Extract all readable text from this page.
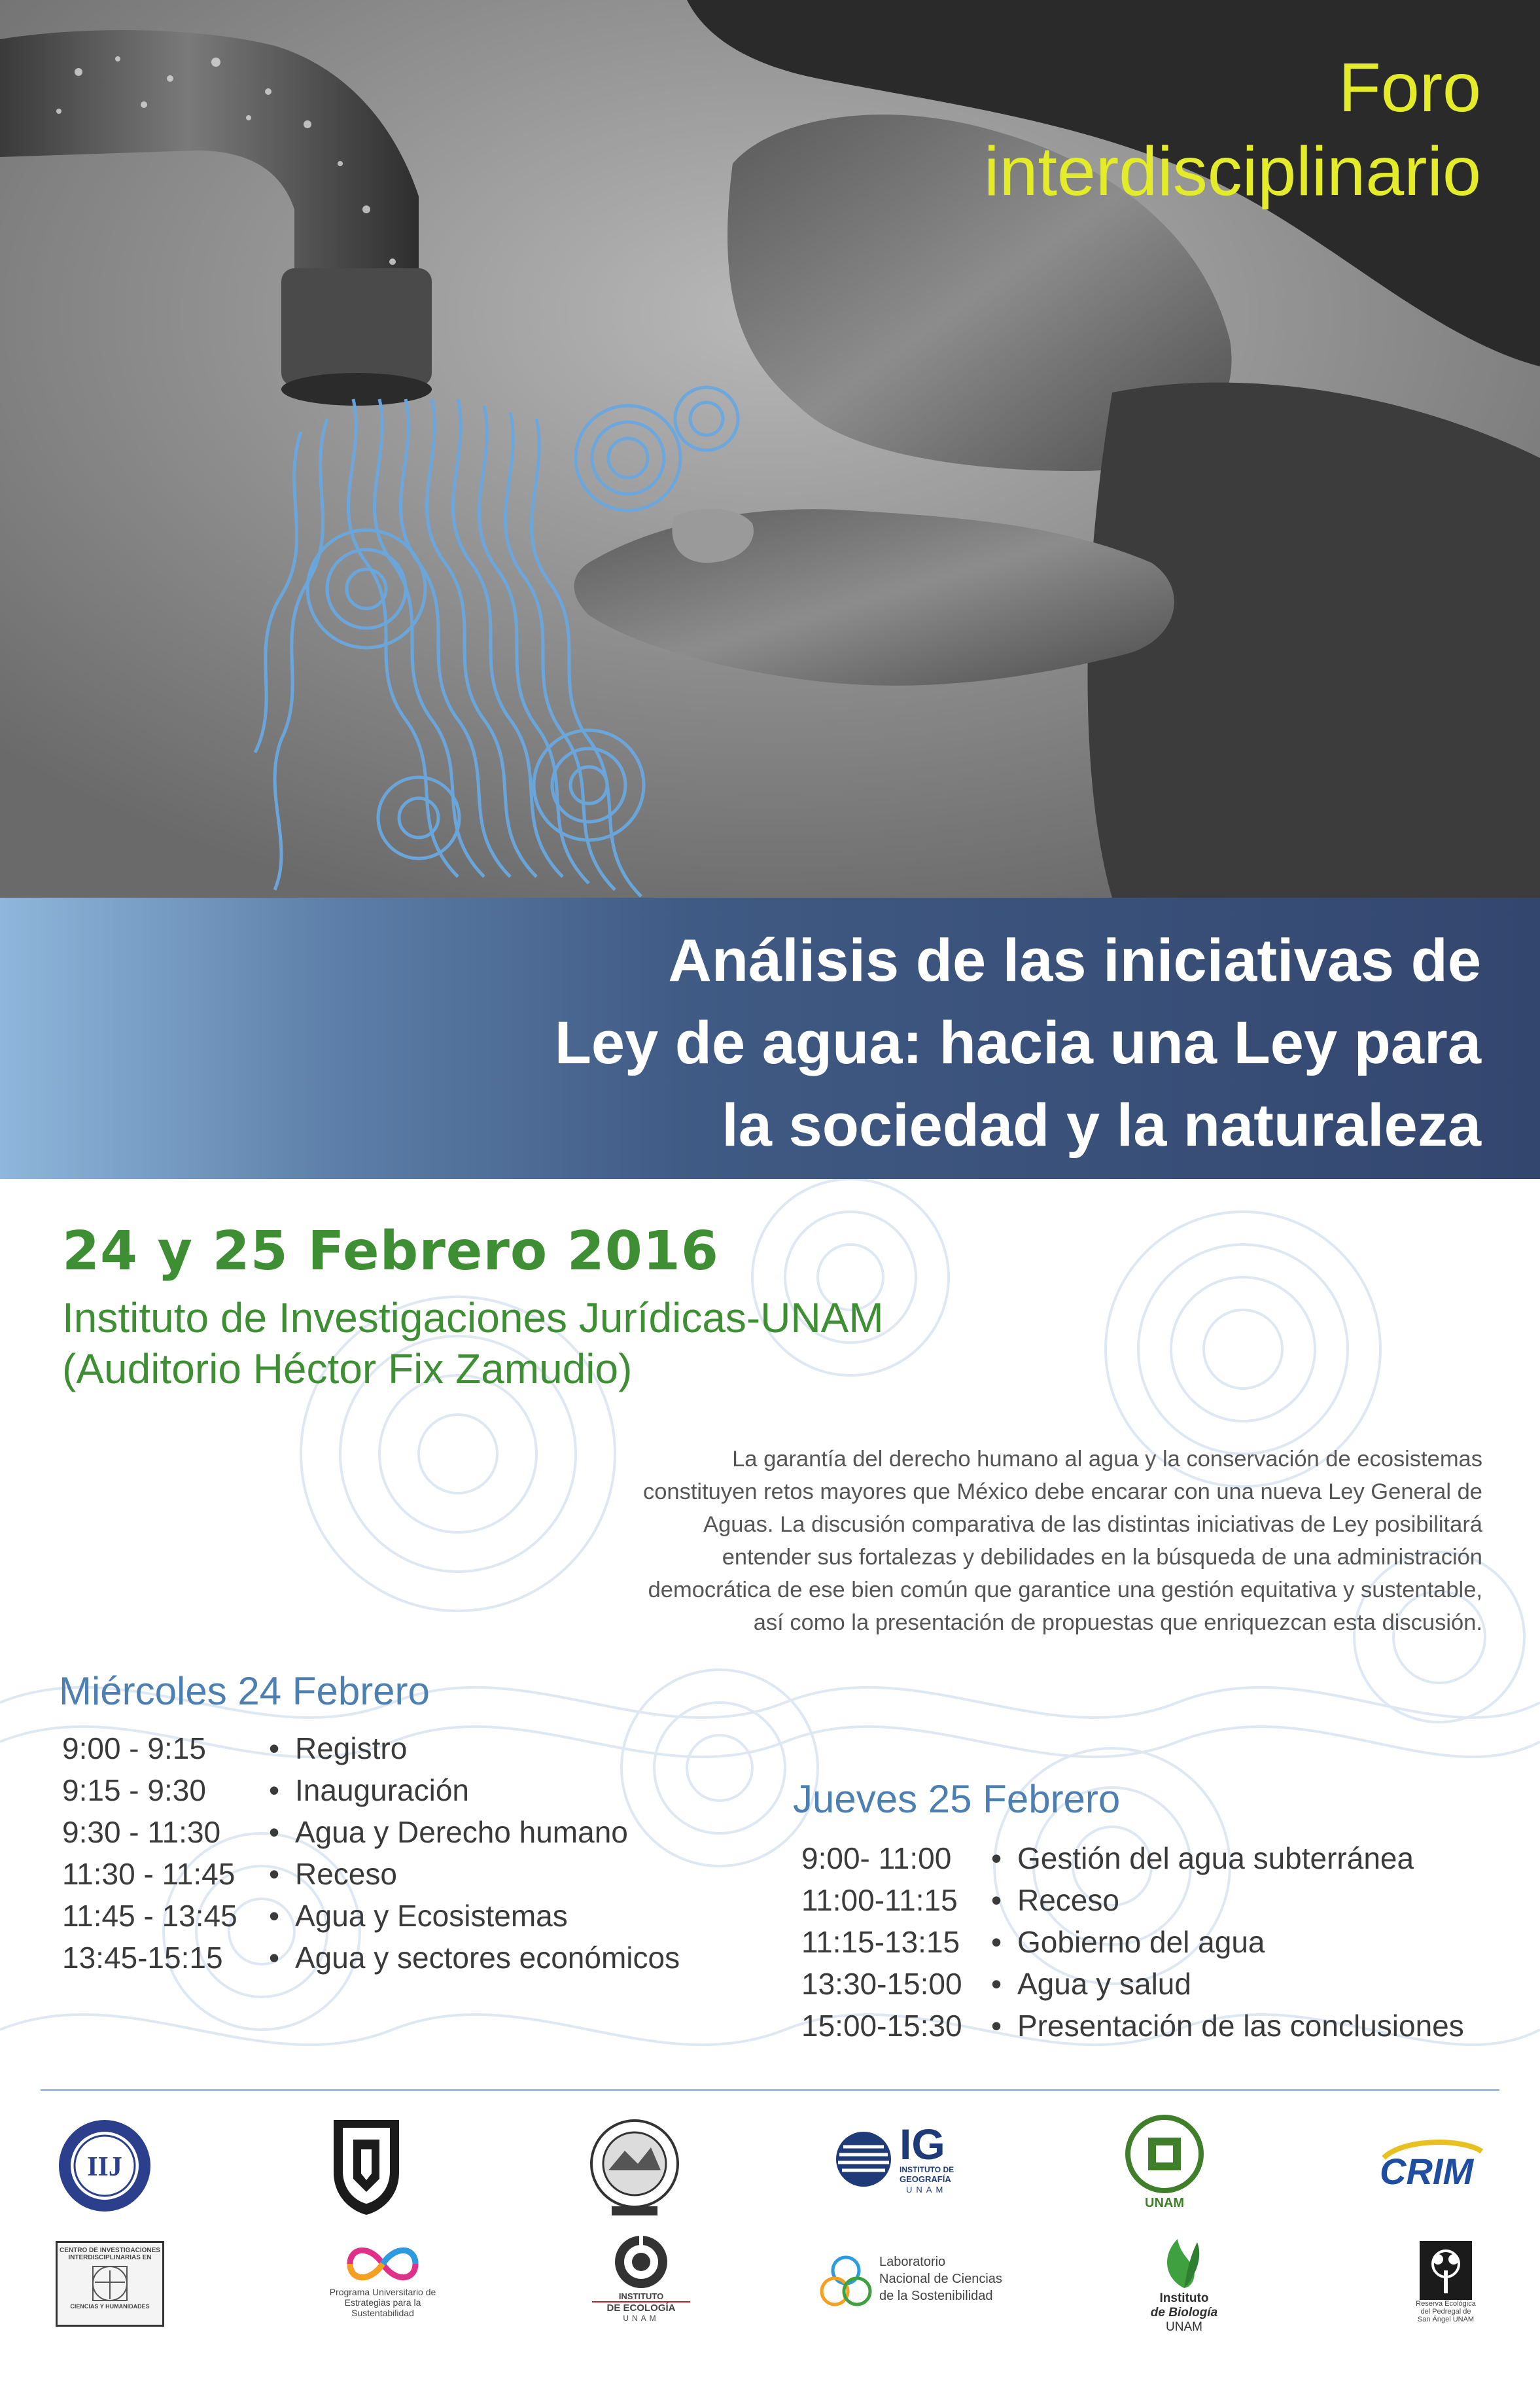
Foro
interdisciplinario
Análisis de las iniciativas de
Ley de agua: hacia una Ley para
la sociedad y la naturaleza
24 y 25 Febrero 2016
Instituto de Investigaciones Jurídicas-UNAM
(Auditorio Héctor Fix Zamudio)
La garantía del derecho humano al agua y la conservación de ecosistemas
constituyen retos mayores que México debe encarar con una nueva Ley General de
Aguas. La discusión comparativa de las distintas iniciativas de Ley posibilitará
entender sus fortalezas y debilidades en la búsqueda de una administración
democrática de ese bien común que garantice una gestión equitativa y sustentable,
así como la presentación de propuestas que enriquezcan esta discusión.
Miércoles 24 Febrero
9:00 - 9:15	• Registro
9:15 - 9:30	• Inauguración
9:30 - 11:30	• Agua y Derecho humano
11:30 - 11:45	• Receso
11:45 - 13:45	• Agua y Ecosistemas
13:45-15:15	• Agua y sectores económicos
Jueves 25 Febrero
9:00- 11:00	• Gestión del agua subterránea
11:00-11:15	• Receso
11:15-13:15	• Gobierno del agua
13:30-15:00 • Agua y salud
15:00-15:30 • Presentación de las conclusiones
IIJ	IG
INSTITUTO DE
GEOGRAFÍA
UNAM
UNAM
CRIM
CENTRO DE INVESTIGACIONES
INTERDISCIPLINARIAS EN
CIENCIAS Y HUMANIDADES
Programa Universitario de
Estrategias para la
Sustentabilidad
INSTITUTO
DE ECOLOGÍA
UNAM
Laboratorio
Nacional de Ciencias
de la Sostenibilidad	Instituto
de Biología
UNAM
Reserva Ecológica
del Pedregal de
San Ángel UNAM
